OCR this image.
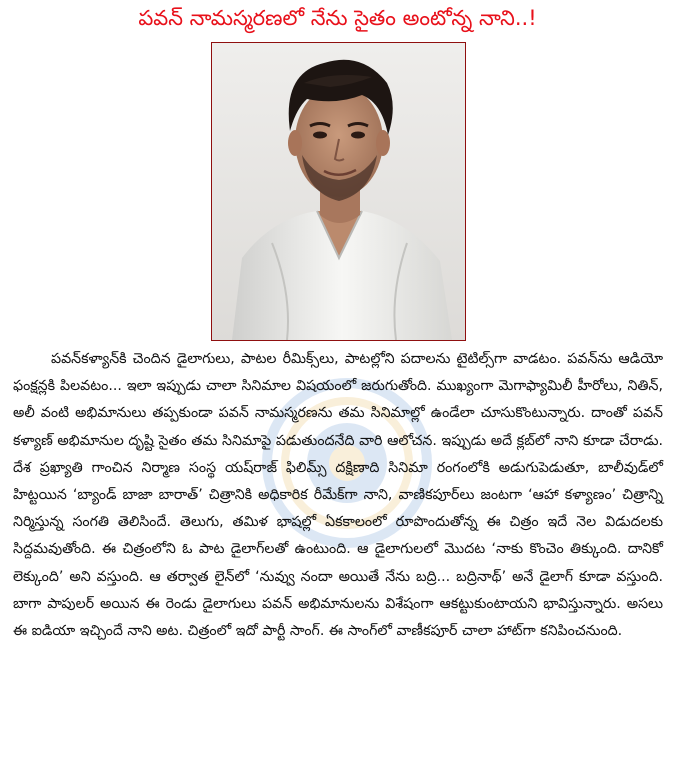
పవన్ నామస్మరణలో నేను సైతం అంటోన్న నాని..!

పవన్‌కళ్యాన్‌కి చెందిన డైలాగులు, పాటల రీమిక్స్‌లు, పాటల్లోని పదాలను టైటిల్స్‌గా వాడటం. పవన్‌ను ఆడియో ఫంక్షన్లకి పిలవటం... ఇలా ఇప్పుడు చాలా సినిమాల విషయంలో జరుగుతోంది. ముఖ్యంగా మెగాఫ్యామిలీ హీరోలు, నితిన్, అలీ వంటి అభిమానులు తప్పకుండా పవన్ నామస్మరణను తమ సినిమాల్లో ఉండేలా చూసుకొంటున్నారు. దాంతో పవన్ కళ్యాణ్ అభిమానుల దృష్టి సైతం తమ సినిమాపై పడుతుందనేది వారి ఆలోచన. ఇప్పుడు అదే క్లబ్‌లో నాని కూడా చేరాడు. దేశ ప్రఖ్యాతి గాంచిన నిర్మాణ సంస్థ యష్‌రాజ్ ఫిలిమ్స్ దక్షిణాది సినిమా రంగంలోకి అడుగుపెడుతూ, బాలీవుడ్‌లో హిట్టయిన ‘బ్యాండ్ బాజా బారాత్’ చిత్రానికి అధికారిక రీమేక్‌గా నాని, వాణికపూర్‌లు జంటగా ‘ఆహా కళ్యాణం’ చిత్రాన్ని నిర్మిస్తున్న సంగతి తెలిసిందే. తెలుగు, తమిళ భాషల్లో ఏకకాలంలో రూపొందుతోన్న ఈ చిత్రం ఇదే నెల విడుదలకు సిద్దమవుతోంది. ఈ చిత్రంలోని ఓ పాట డైలాగ్‌లతో ఉంటుంది. ఆ డైలాగులలో మొదట ‘నాకు కొంచెం తిక్కుంది. దానికో లెక్కుంది’ అని వస్తుంది. ఆ తర్వాత లైన్‌లో ‘నువ్వు నందా అయితే నేను బద్రి... బద్రినాథ్’ అనే డైలాగ్ కూడా వస్తుంది. బాగా పాపులర్ అయిన ఈ రెండు డైలాగులు పవన్ అభిమానులను విశేషంగా ఆకట్టుకుంటాయని భావిస్తున్నారు. అసలు ఈ ఐడియా ఇచ్చిందే నాని అట. చిత్రంలో ఇదో పార్టీ సాంగ్. ఈ సాంగ్‌లో వాణీకపూర్ చాలా హాట్‌గా కనిపించనుంది.
